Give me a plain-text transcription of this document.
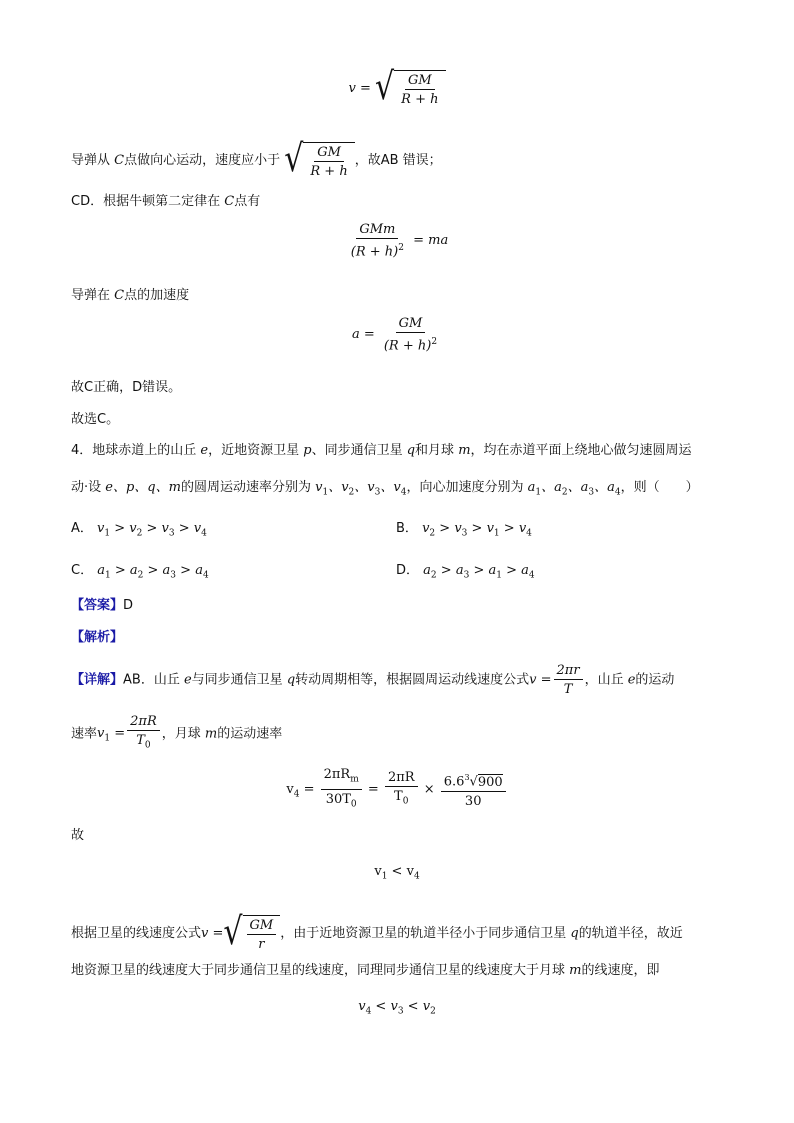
v = √ $\frac{GM}{R + h}$
导弹从 C点做向心运动，速度应小于 √ $\frac{GM}{R + h}$ ，故AB 错误；
CD．根据牛顿第二定律在 C点有
$\frac{\text{GMm}}{(R + h)^2}$ = ma
导弹在 C点的加速度
$a = \frac{GM}{(R + h)^2}$
故C正确，D错误。
故选C。
4．地球赤道上的山丘 e，近地资源卫星 p、同步通信卫星 q和月球 m，均在赤道平面上绕地心做匀速圆周运
动·设 e、p、q、m的圆周运动速率分别为 $v_1$、$v_2$、$v_3$、$v_4$，向心加速度分别为 $a_1$、$a_2$、$a_3$、$a_4$，则（　　）
A． $v_1 > v_2 > v_3 > v_4$	B． $v_2 > v_3 > v_1 > v_4$
C． $a_1 > a_2 > a_3 > a_4$	D． $a_2 > a_3 > a_1 > a_4$
【答案】D
【解析】
【详解】AB．山丘 e与同步通信卫星 q转动周期相等，根据圆周运动线速度公式$v = \frac{2\pi r}{T}$ ，山丘 e的运动
速率$v_1 = \frac{2\pi R}{T_0}$ ，月球 m的运动速率
$v_4 = \frac{2\pi R_m}{30T_0} = \frac{2\pi R}{T_0} \times \frac{6.6^3√900}{30}$
故
$v_1 < v_4$
根据卫星的线速度公式v = √ $\frac{GM}{r}$ ，由于近地资源卫星的轨道半径小于同步通信卫星 q的轨道半径，故近
地资源卫星的线速度大于同步通信卫星的线速度，同理同步通信卫星的线速度大于月球 m的线速度，即
$v_4 < v_3 < v_2$
